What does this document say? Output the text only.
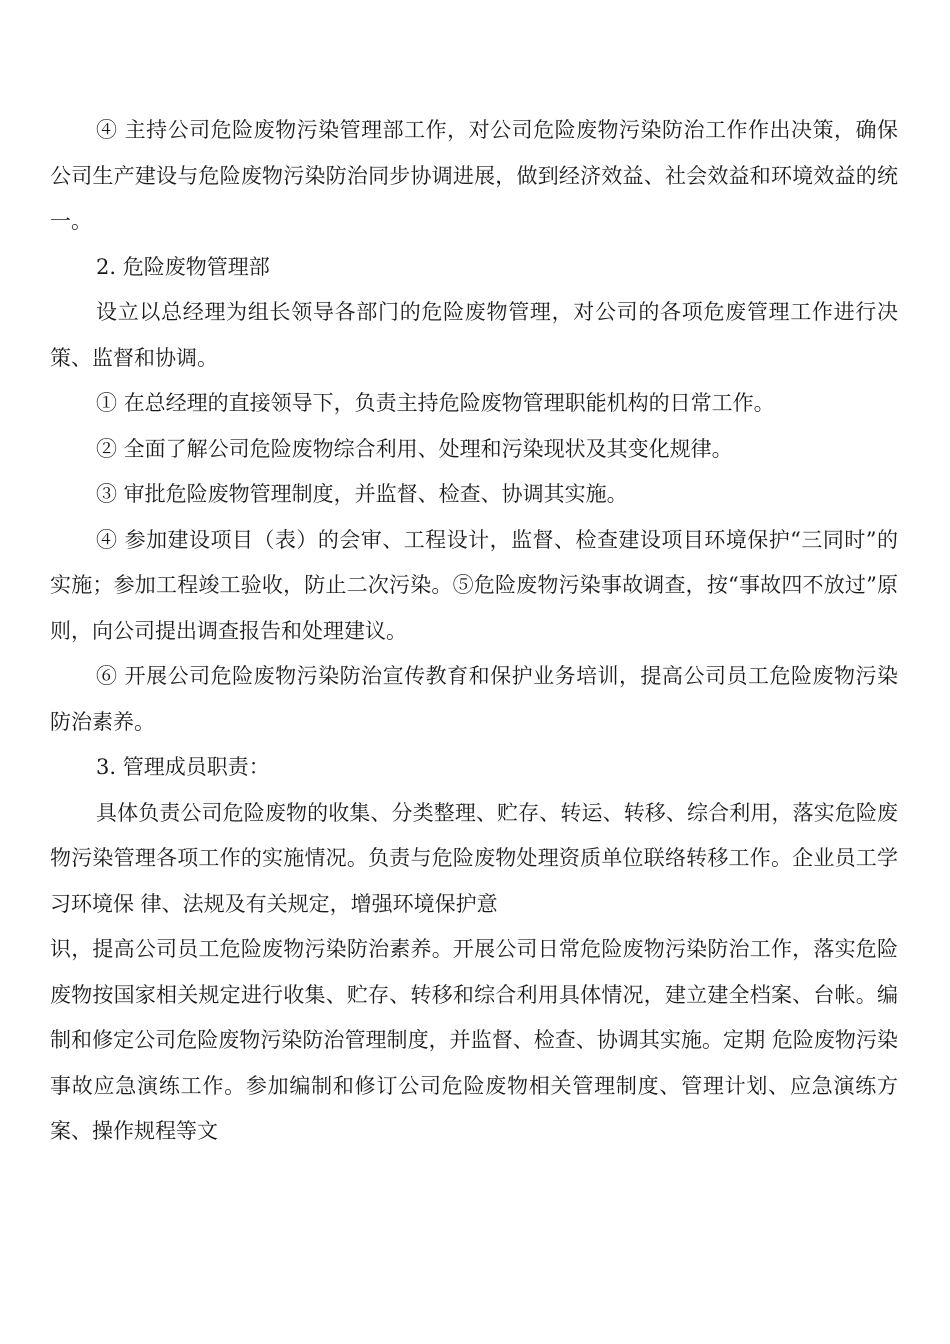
④ 主持公司危险废物污染管理部工作，对公司危险废物污染防治工作作出决策，确保公司生产建设与危险废物污染防治同步协调进展，做到经济效益、社会效益和环境效益的统一。

2. 危险废物管理部

设立以总经理为组长领导各部门的危险废物管理，对公司的各项危废管理工作进行决策、监督和协调。

① 在总经理的直接领导下，负责主持危险废物管理职能机构的日常工作。

② 全面了解公司危险废物综合利用、处理和污染现状及其变化规律。

③ 审批危险废物管理制度，并监督、检查、协调其实施。

④ 参加建设项目（表）的会审、工程设计，监督、检查建设项目环境保护“三同时”的实施；参加工程竣工验收，防止二次污染。⑤危险废物污染事故调查，按“事故四不放过”原则，向公司提出调查报告和处理建议。

⑥ 开展公司危险废物污染防治宣传教育和保护业务培训，提高公司员工危险废物污染防治素养。

3. 管理成员职责：

具体负责公司危险废物的收集、分类整理、贮存、转运、转移、综合利用，落实危险废物污染管理各项工作的实施情况。负责与危险废物处理资质单位联络转移工作。企业员工学习环境保 律、法规及有关规定，增强环境保护意

识，提高公司员工危险废物污染防治素养。开展公司日常危险废物污染防治工作，落实危险废物按国家相关规定进行收集、贮存、转移和综合利用具体情况，建立建全档案、台帐。编制和修定公司危险废物污染防治管理制度，并监督、检查、协调其实施。定期 危险废物污染事故应急演练工作。参加编制和修订公司危险废物相关管理制度、管理计划、应急演练方案、操作规程等文
